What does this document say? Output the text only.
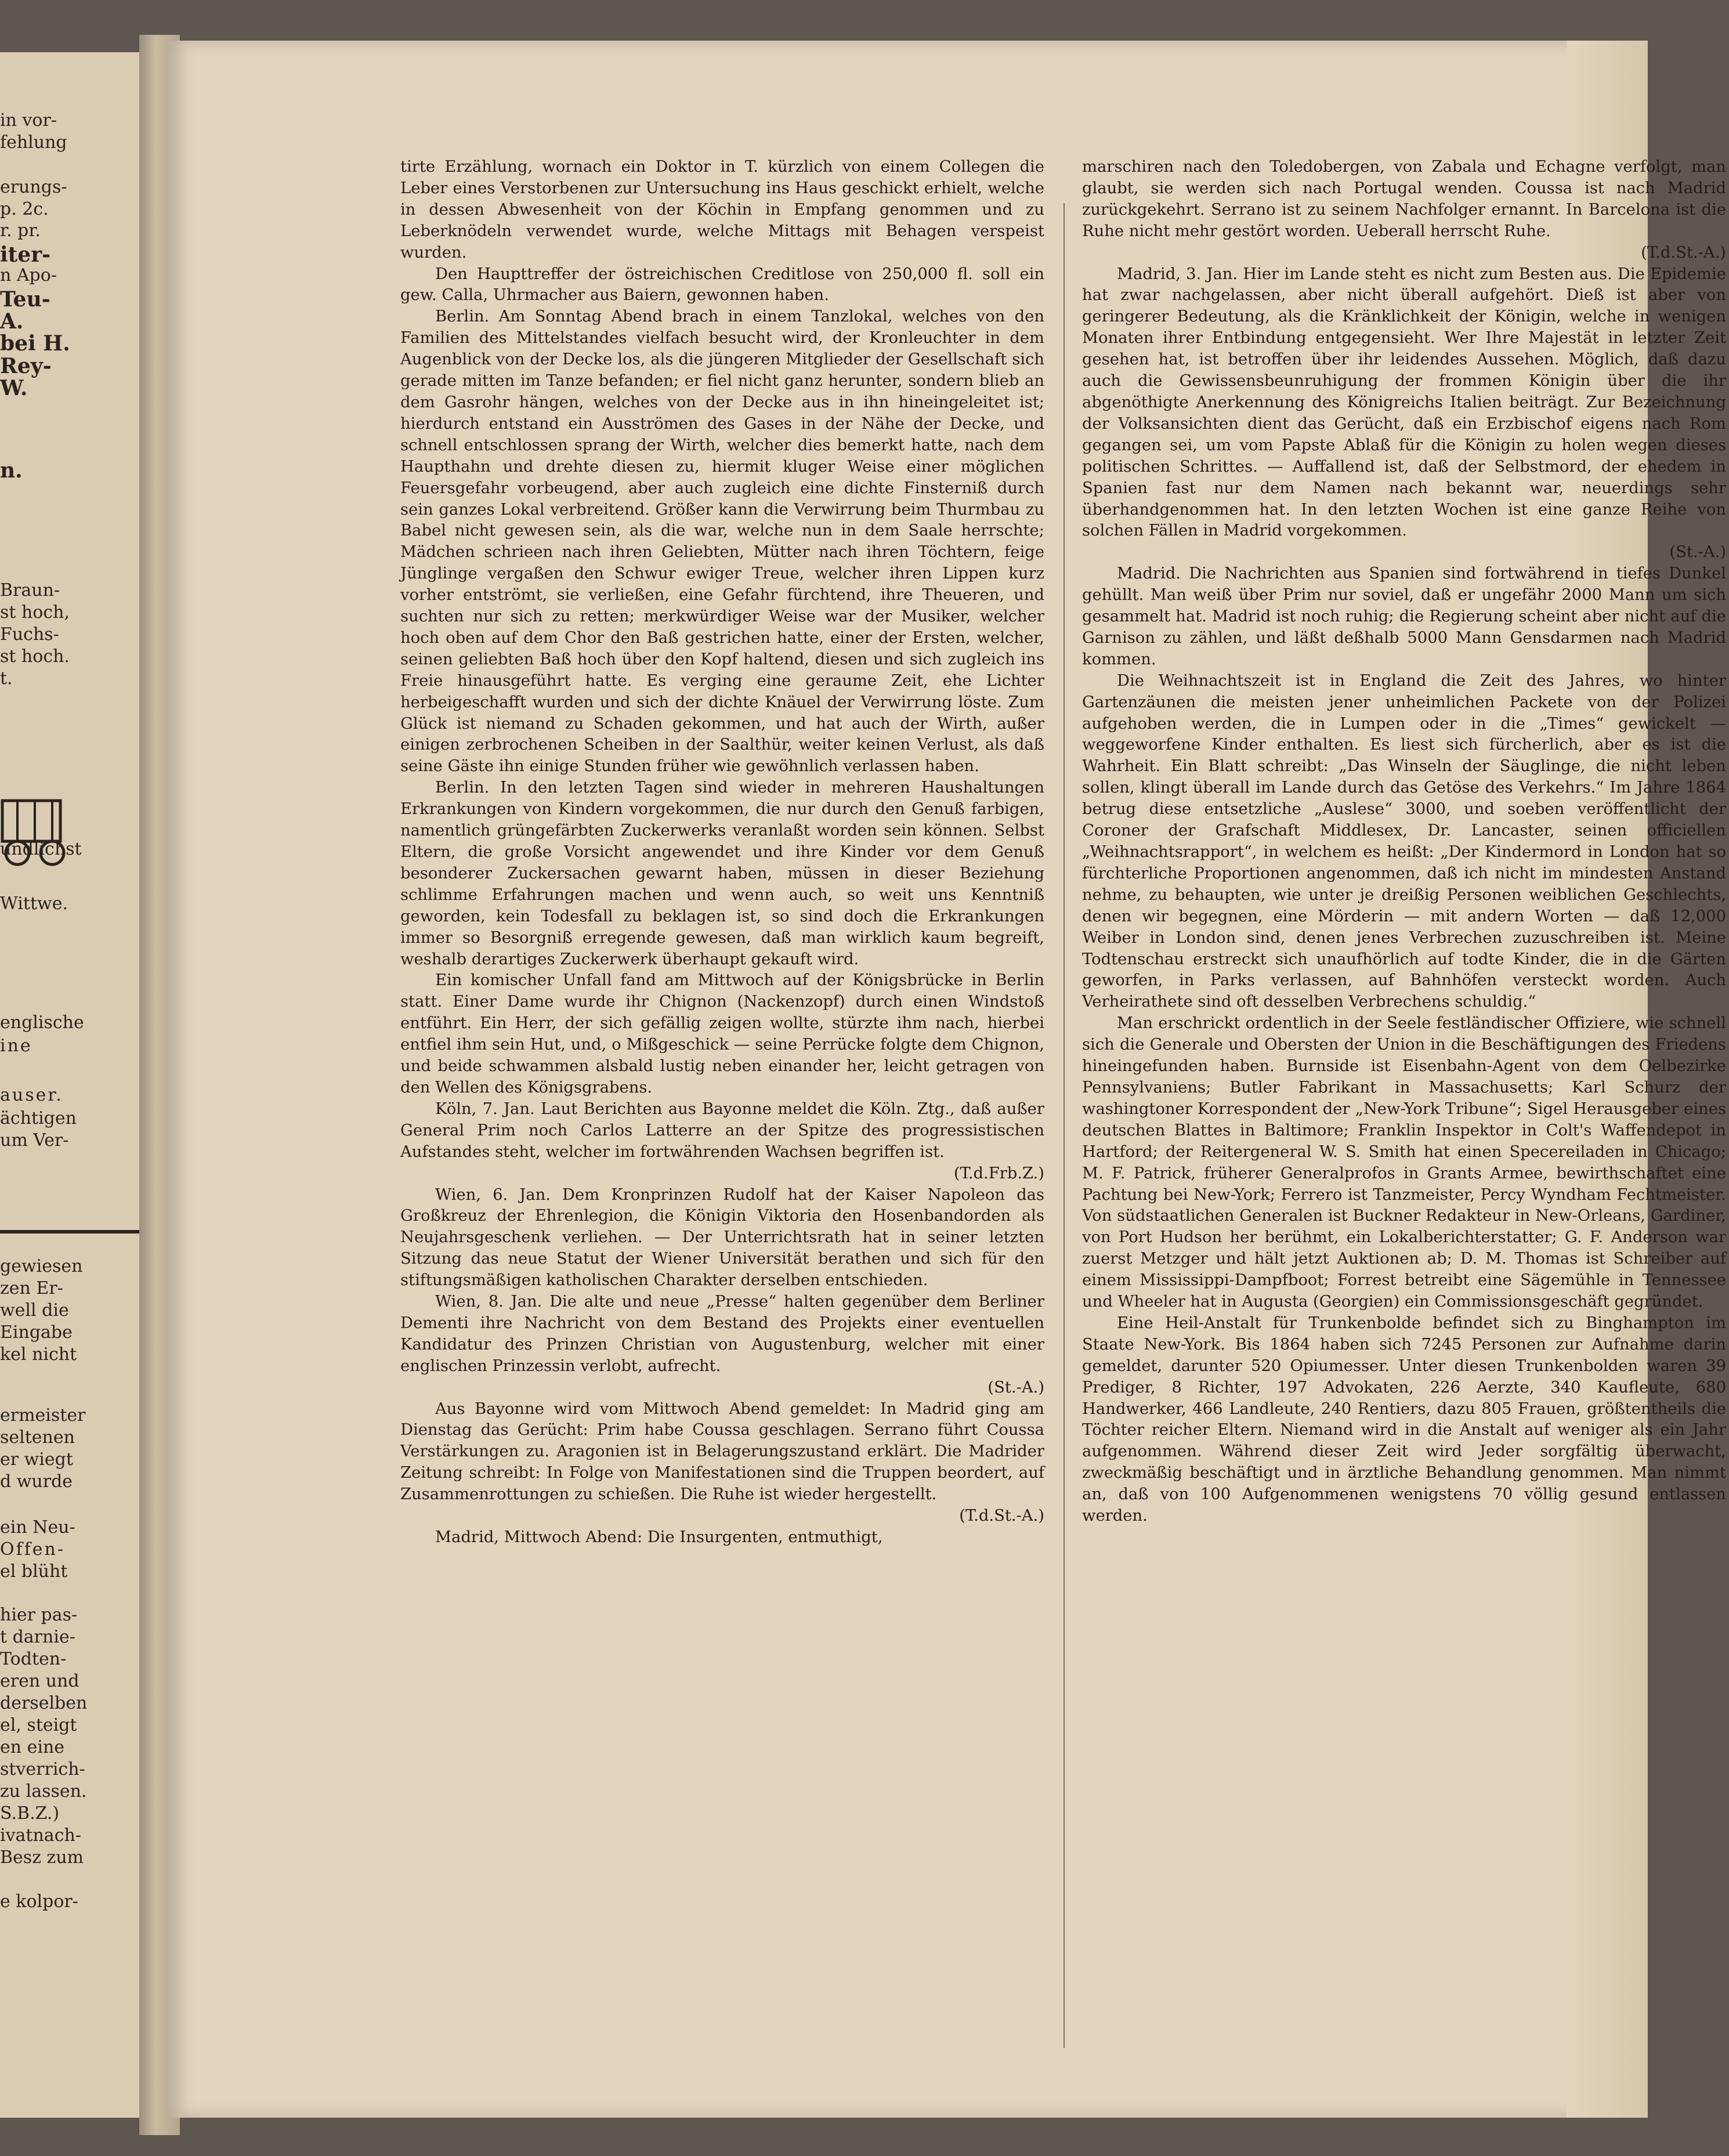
in vor-
fehlung
erungs-
p. 2c.
r. pr.
iter-
n Apo-
Teu-
A.
bei H.
Rey-
W.
n.
Braun-
st hoch,
Fuchs-
st hoch.
t.
undlichst
Wittwe.
englische
ine
auser.
ächtigen
um Ver-
gewiesen
zen Er-
well die
Eingabe
kel nicht
ermeister
seltenen
er wiegt
d wurde
ein Neu-
Offen-
el blüht
hier pas-
t darnie-
Todten-
eren und
derselben
el, steigt
en eine
stverrich-
zu lassen.
S.B.Z.)
ivatnach-
Besz zum
e kolpor-

tirte Erzählung, wornach ein Doktor in T. kürzlich von einem Collegen die Leber eines Verstorbenen zur Untersuchung ins Haus geschickt erhielt, welche in dessen Abwesenheit von der Köchin in Empfang genommen und zu Leberknödeln verwendet wurde, welche Mittags mit Behagen verspeist wurden.

Den Haupttreffer der östreichischen Creditlose von 250,000 fl. soll ein gew. Calla, Uhrmacher aus Baiern, gewonnen haben.

Berlin. Am Sonntag Abend brach in einem Tanzlokal, welches von den Familien des Mittelstandes vielfach besucht wird, der Kronleuchter in dem Augenblick von der Decke los, als die jüngeren Mitglieder der Gesellschaft sich gerade mitten im Tanze befanden; er fiel nicht ganz herunter, sondern blieb an dem Gasrohr hängen, welches von der Decke aus in ihn hineingeleitet ist; hierdurch entstand ein Ausströmen des Gases in der Nähe der Decke, und schnell entschlossen sprang der Wirth, welcher dies bemerkt hatte, nach dem Haupthahn und drehte diesen zu, hiermit kluger Weise einer möglichen Feuersgefahr vorbeugend, aber auch zugleich eine dichte Finsterniß durch sein ganzes Lokal verbreitend. Größer kann die Verwirrung beim Thurmbau zu Babel nicht gewesen sein, als die war, welche nun in dem Saale herrschte; Mädchen schrieen nach ihren Geliebten, Mütter nach ihren Töchtern, feige Jünglinge vergaßen den Schwur ewiger Treue, welcher ihren Lippen kurz vorher entströmt, sie verließen, eine Gefahr fürchtend, ihre Theueren, und suchten nur sich zu retten; merkwürdiger Weise war der Musiker, welcher hoch oben auf dem Chor den Baß gestrichen hatte, einer der Ersten, welcher, seinen geliebten Baß hoch über den Kopf haltend, diesen und sich zugleich ins Freie hinausgeführt hatte. Es verging eine geraume Zeit, ehe Lichter herbeigeschafft wurden und sich der dichte Knäuel der Verwirrung löste. Zum Glück ist niemand zu Schaden gekommen, und hat auch der Wirth, außer einigen zerbrochenen Scheiben in der Saalthür, weiter keinen Verlust, als daß seine Gäste ihn einige Stunden früher wie gewöhnlich verlassen haben.

Berlin. In den letzten Tagen sind wieder in mehreren Haushaltungen Erkrankungen von Kindern vorgekommen, die nur durch den Genuß farbigen, namentlich grüngefärbten Zuckerwerks veranlaßt worden sein können. Selbst Eltern, die große Vorsicht angewendet und ihre Kinder vor dem Genuß besonderer Zuckersachen gewarnt haben, müssen in dieser Beziehung schlimme Erfahrungen machen und wenn auch, so weit uns Kenntniß geworden, kein Todesfall zu beklagen ist, so sind doch die Erkrankungen immer so Besorgniß erregende gewesen, daß man wirklich kaum begreift, weshalb derartiges Zuckerwerk überhaupt gekauft wird.

Ein komischer Unfall fand am Mittwoch auf der Königsbrücke in Berlin statt. Einer Dame wurde ihr Chignon (Nackenzopf) durch einen Windstoß entführt. Ein Herr, der sich gefällig zeigen wollte, stürzte ihm nach, hierbei entfiel ihm sein Hut, und, o Mißgeschick — seine Perrücke folgte dem Chignon, und beide schwammen alsbald lustig neben einander her, leicht getragen von den Wellen des Königsgrabens.

Köln, 7. Jan. Laut Berichten aus Bayonne meldet die Köln. Ztg., daß außer General Prim noch Carlos Latterre an der Spitze des progressistischen Aufstandes steht, welcher im fortwährenden Wachsen begriffen ist.
(T.d.Frb.Z.)

Wien, 6. Jan. Dem Kronprinzen Rudolf hat der Kaiser Napoleon das Großkreuz der Ehrenlegion, die Königin Viktoria den Hosenbandorden als Neujahrsgeschenk verliehen. — Der Unterrichtsrath hat in seiner letzten Sitzung das neue Statut der Wiener Universität berathen und sich für den stiftungsmäßigen katholischen Charakter derselben entschieden.

Wien, 8. Jan. Die alte und neue „Presse“ halten gegenüber dem Berliner Dementi ihre Nachricht von dem Bestand des Projekts einer eventuellen Kandidatur des Prinzen Christian von Augustenburg, welcher mit einer englischen Prinzessin verlobt, aufrecht.
(St.-A.)

Aus Bayonne wird vom Mittwoch Abend gemeldet: In Madrid ging am Dienstag das Gerücht: Prim habe Coussa geschlagen. Serrano führt Coussa Verstärkungen zu. Aragonien ist in Belagerungszustand erklärt. Die Madrider Zeitung schreibt: In Folge von Manifestationen sind die Truppen beordert, auf Zusammenrottungen zu schießen. Die Ruhe ist wieder hergestellt.
(T.d.St.-A.)

Madrid, Mittwoch Abend: Die Insurgenten, entmuthigt,

marschiren nach den Toledobergen, von Zabala und Echagne verfolgt, man glaubt, sie werden sich nach Portugal wenden. Coussa ist nach Madrid zurückgekehrt. Serrano ist zu seinem Nachfolger ernannt. In Barcelona ist die Ruhe nicht mehr gestört worden. Ueberall herrscht Ruhe.
(T.d.St.-A.)

Madrid, 3. Jan. Hier im Lande steht es nicht zum Besten aus. Die Epidemie hat zwar nachgelassen, aber nicht überall aufgehört. Dieß ist aber von geringerer Bedeutung, als die Kränklichkeit der Königin, welche in wenigen Monaten ihrer Entbindung entgegensieht. Wer Ihre Majestät in letzter Zeit gesehen hat, ist betroffen über ihr leidendes Aussehen. Möglich, daß dazu auch die Gewissensbeunruhigung der frommen Königin über die ihr abgenöthigte Anerkennung des Königreichs Italien beiträgt. Zur Bezeichnung der Volksansichten dient das Gerücht, daß ein Erzbischof eigens nach Rom gegangen sei, um vom Papste Ablaß für die Königin zu holen wegen dieses politischen Schrittes. — Auffallend ist, daß der Selbstmord, der ehedem in Spanien fast nur dem Namen nach bekannt war, neuerdings sehr überhandgenommen hat. In den letzten Wochen ist eine ganze Reihe von solchen Fällen in Madrid vorgekommen.
(St.-A.)

Madrid. Die Nachrichten aus Spanien sind fortwährend in tiefes Dunkel gehüllt. Man weiß über Prim nur soviel, daß er ungefähr 2000 Mann um sich gesammelt hat. Madrid ist noch ruhig; die Regierung scheint aber nicht auf die Garnison zu zählen, und läßt deßhalb 5000 Mann Gensdarmen nach Madrid kommen.

Die Weihnachtszeit ist in England die Zeit des Jahres, wo hinter Gartenzäunen die meisten jener unheimlichen Packete von der Polizei aufgehoben werden, die in Lumpen oder in die „Times“ gewickelt — weggeworfene Kinder enthalten. Es liest sich fürcherlich, aber es ist die Wahrheit. Ein Blatt schreibt: „Das Winseln der Säuglinge, die nicht leben sollen, klingt überall im Lande durch das Getöse des Verkehrs.“ Im Jahre 1864 betrug diese entsetzliche „Auslese“ 3000, und soeben veröffentlicht der Coroner der Grafschaft Middlesex, Dr. Lancaster, seinen officiellen „Weihnachtsrapport“, in welchem es heißt: „Der Kindermord in London hat so fürchterliche Proportionen angenommen, daß ich nicht im mindesten Anstand nehme, zu behaupten, wie unter je dreißig Personen weiblichen Geschlechts, denen wir begegnen, eine Mörderin — mit andern Worten — daß 12,000 Weiber in London sind, denen jenes Verbrechen zuzuschreiben ist. Meine Todtenschau erstreckt sich unaufhörlich auf todte Kinder, die in die Gärten geworfen, in Parks verlassen, auf Bahnhöfen versteckt worden. Auch Verheirathete sind oft desselben Verbrechens schuldig.“

Man erschrickt ordentlich in der Seele festländischer Offiziere, wie schnell sich die Generale und Obersten der Union in die Beschäftigungen des Friedens hineingefunden haben. Burnside ist Eisenbahn-Agent von dem Oelbezirke Pennsylvaniens; Butler Fabrikant in Massachusetts; Karl Schurz der washingtoner Korrespondent der „New-York Tribune“; Sigel Herausgeber eines deutschen Blattes in Baltimore; Franklin Inspektor in Colt's Waffendepot in Hartford; der Reitergeneral W. S. Smith hat einen Specereiladen in Chicago; M. F. Patrick, früherer Generalprofos in Grants Armee, bewirthschaftet eine Pachtung bei New-York; Ferrero ist Tanzmeister, Percy Wyndham Fechtmeister. Von südstaatlichen Generalen ist Buckner Redakteur in New-Orleans, Gardiner, von Port Hudson her berühmt, ein Lokalberichterstatter; G. F. Anderson war zuerst Metzger und hält jetzt Auktionen ab; D. M. Thomas ist Schreiber auf einem Mississippi-Dampfboot; Forrest betreibt eine Sägemühle in Tennessee und Wheeler hat in Augusta (Georgien) ein Commissionsgeschäft gegründet.

Eine Heil-Anstalt für Trunkenbolde befindet sich zu Binghampton im Staate New-York. Bis 1864 haben sich 7245 Personen zur Aufnahme darin gemeldet, darunter 520 Opiumesser. Unter diesen Trunkenbolden waren 39 Prediger, 8 Richter, 197 Advokaten, 226 Aerzte, 340 Kaufleute, 680 Handwerker, 466 Landleute, 240 Rentiers, dazu 805 Frauen, größtentheils die Töchter reicher Eltern. Niemand wird in die Anstalt auf weniger als ein Jahr aufgenommen. Während dieser Zeit wird Jeder sorgfältig überwacht, zweckmäßig beschäftigt und in ärztliche Behandlung genommen. Man nimmt an, daß von 100 Aufgenommenen wenigstens 70 völlig gesund entlassen werden.
